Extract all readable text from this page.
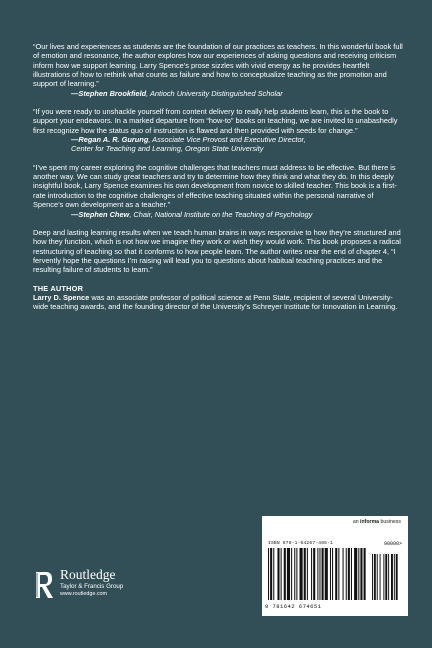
“Our lives and experiences as students are the foundation of our practices as teachers. In this wonderful book full of emotion and resonance, the author explores how our experiences of asking questions and receiving criticism inform how we support learning. Larry Spence’s prose sizzles with vivid energy as he provides heartfelt illustrations of how to rethink what counts as failure and how to conceptualize teaching as the promotion and support of learning.”

—Stephen Brookfield, Antioch University Distinguished Scholar

“If you were ready to unshackle yourself from content delivery to really help students learn, this is the book to support your endeavors. In a marked departure from “how-to” books on teaching, we are invited to unabashedly first recognize how the status quo of instruction is flawed and then provided with seeds for change.”

—Regan A. R. Gurung, Associate Vice Provost and Executive Director,

Center for Teaching and Learning, Oregon State University

“I’ve spent my career exploring the cognitive challenges that teachers must address to be effective. But there is another way. We can study great teachers and try to determine how they think and what they do. In this deeply insightful book, Larry Spence examines his own development from novice to skilled teacher. This book is a first-rate introduction to the cognitive challenges of effective teaching situated within the personal narrative of Spence’s own development as a teacher.”

—Stephen Chew, Chair, National Institute on the Teaching of Psychology

Deep and lasting learning results when we teach human brains in ways responsive to how they’re structured and how they function, which is not how we imagine they work or wish they would work. This book proposes a radical restructuring of teaching so that it conforms to how people learn. The author writes near the end of chapter 4, “I fervently hope the questions I’m raising will lead you to questions about habitual teaching practices and the resulting failure of students to learn.”

THE AUTHOR

Larry D. Spence was an associate professor of political science at Penn State, recipient of several University-wide teaching awards, and the founding director of the University’s Schreyer Institute for Innovation in Learning.

an informa business
ISBN 978-1-64267-465-1	90000>
9 781642 674651
Routledge
Taylor & Francis Group
www.routledge.com
